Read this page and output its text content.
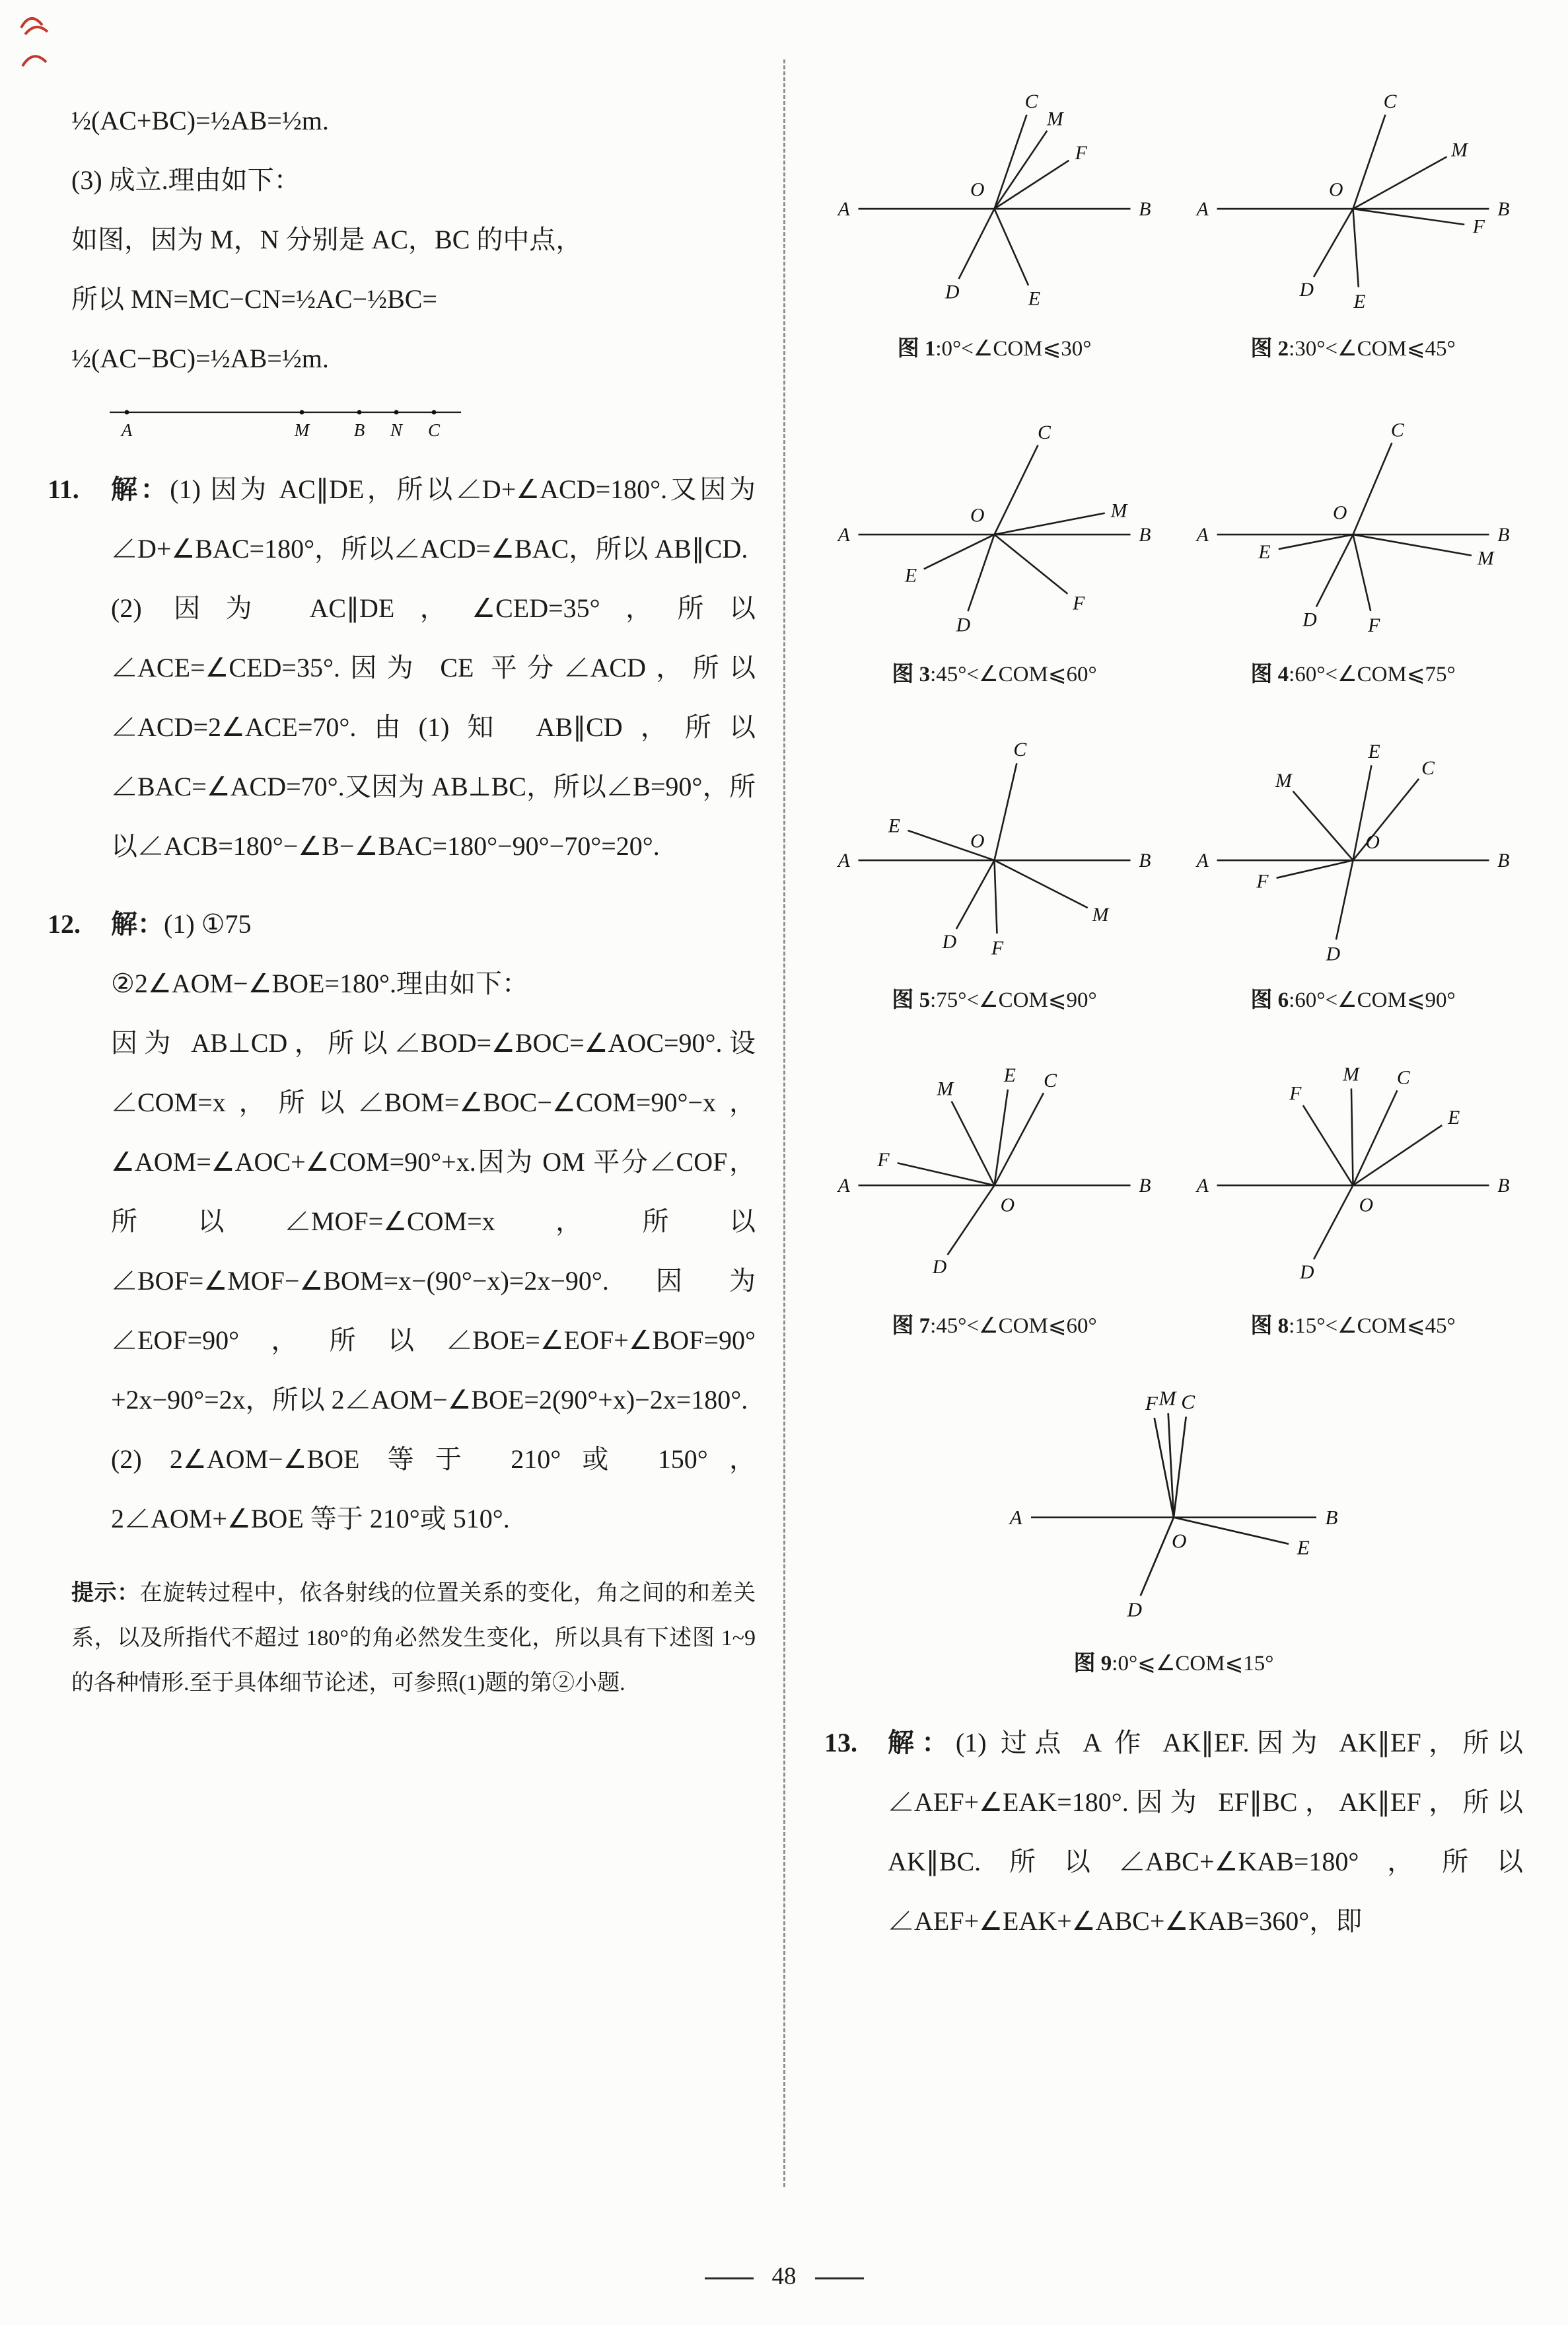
½(AC+BC)=½AB=½m.

(3) 成立.理由如下：

如图，因为 M，N 分别是 AC，BC 的中点，

所以 MN=MC−CN=½AC−½BC=

½(AC−BC)=½AB=½m.

A	M	B N C
11.	解：(1) 因为 AC∥DE，所以∠D+∠ACD=180°.又因为∠D+∠BAC=180°，所以∠ACD=∠BAC，所以 AB∥CD.

(2) 因为 AC∥DE，∠CED=35°，所以∠ACE=∠CED=35°.因为 CE 平分∠ACD，所以∠ACD=2∠ACE=70°.由(1)知 AB∥CD，所以∠BAC=∠ACD=70°.又因为 AB⊥BC，所以∠B=90°，所以∠ACB=180°−∠B−∠BAC=180°−90°−70°=20°.

12.	解：(1) ①75

②2∠AOM−∠BOE=180°.理由如下：

因为 AB⊥CD，所以∠BOD=∠BOC=∠AOC=90°.设∠COM=x，所以∠BOM=∠BOC−∠COM=90°−x，∠AOM=∠AOC+∠COM=90°+x.因为 OM 平分∠COF，所以∠MOF=∠COM=x，所以∠BOF=∠MOF−∠BOM=x−(90°−x)=2x−90°.因为∠EOF=90°，所以∠BOE=∠EOF+∠BOF=90°+2x−90°=2x，所以 2∠AOM−∠BOE=2(90°+x)−2x=180°.

(2) 2∠AOM−∠BOE 等于 210°或 150°，2∠AOM+∠BOE 等于 210°或 510°.

提示：在旋转过程中，依各射线的位置关系的变化，角之间的和差关系，以及所指代不超过 180°的角必然发生变化，所以具有下述图 1~9 的各种情形.至于具体细节论述，可参照(1)题的第②小题.
A	B
C
M
F
D	E
O
图 1:0°<∠COM⩽30°
A	B
C
M
F
D
E
O
图 2:30°<∠COM⩽45°
A	B
C
M
F
E
D
O
图 3:45°<∠COM⩽60°
A	B
C
M
E
D	F
O
图 4:60°<∠COM⩽75°
A	B
C
E
M
D	F
O
图 5:75°<∠COM⩽90°
A	B
E
C
M
F
D
O
图 6:60°<∠COM⩽90°
A	B
M
E	C
F
D
O
图 7:45°<∠COM⩽60°
A	B
F
M	C
E
D
O
图 8:15°<∠COM⩽45°
A	B
F M C
E
D
O
图 9:0°⩽∠COM⩽15°
13.	解：(1) 过点 A 作 AK∥EF.因为 AK∥EF，所以∠AEF+∠EAK=180°.因为 EF∥BC，AK∥EF，所以 AK∥BC.所以∠ABC+∠KAB=180°，所以∠AEF+∠EAK+∠ABC+∠KAB=360°，即

48
